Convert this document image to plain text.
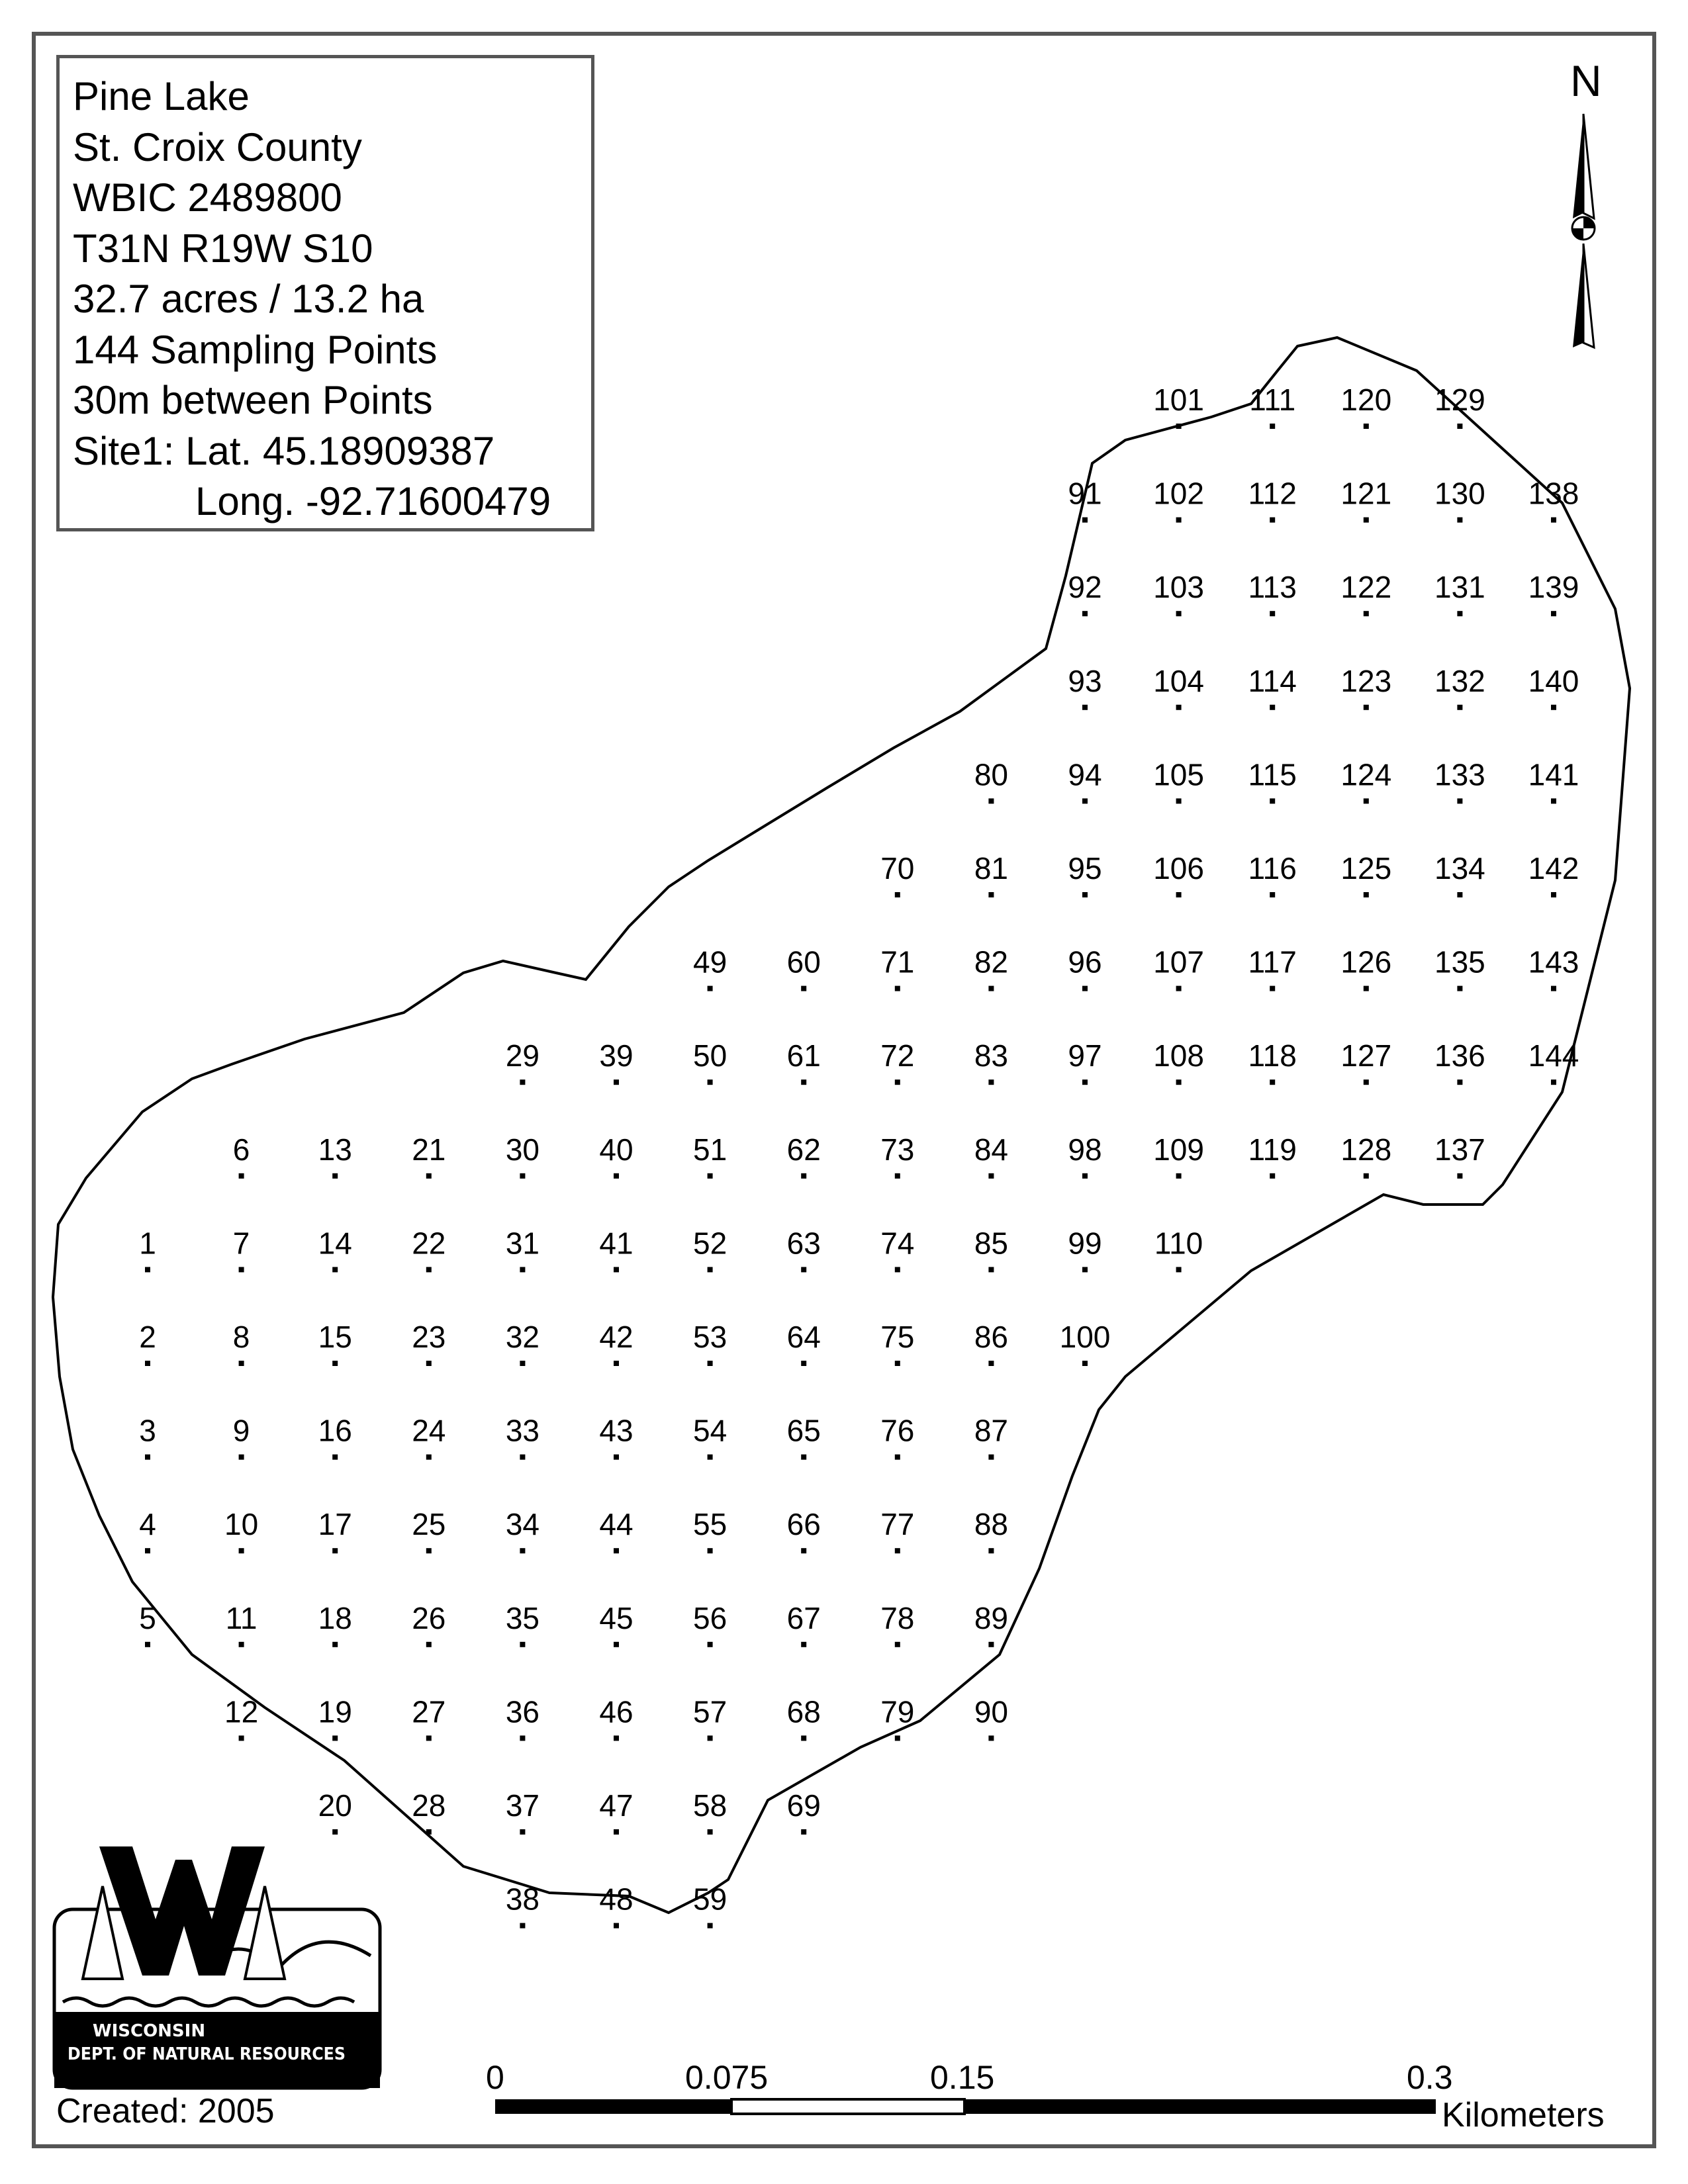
1
2
3
4
5
6
7
8
9
10
11
12
13
14
15
16
17
18
19
20
21
22
23
24
25
26
27
28
29
30
31
32
33
34
35
36
37
38
39
40
41
42
43
44
45
46
47
48
49
50
51
52
53
54
55
56
57
58
59
60
61
62
63
64
65
66
67
68
69
70
71
72
73
74
75
76
77
78
79
80
81
82
83
84
85
86
87
88
89
90
91
92
93
94
95
96
97
98
99
100
101
102
103
104
105
106
107
108
109
110
111
112
113
114
115
116
117
118
119
120
121
122
123
124
125
126
127
128
129
130
131
132
133
134
135
136
137
138
139
140
141
142
143
144
WISCONSIN
DEPT. OF NATURAL RESOURCES
Pine Lake
St. Croix County
WBIC 2489800
T31N R19W S10
32.7 acres / 13.2 ha
144 Sampling Points
30m between Points
Site1: Lat. 45.18909387
Long. -92.71600479
N
0	0.075	0.15	0.3
Kilometers
Created: 2005
